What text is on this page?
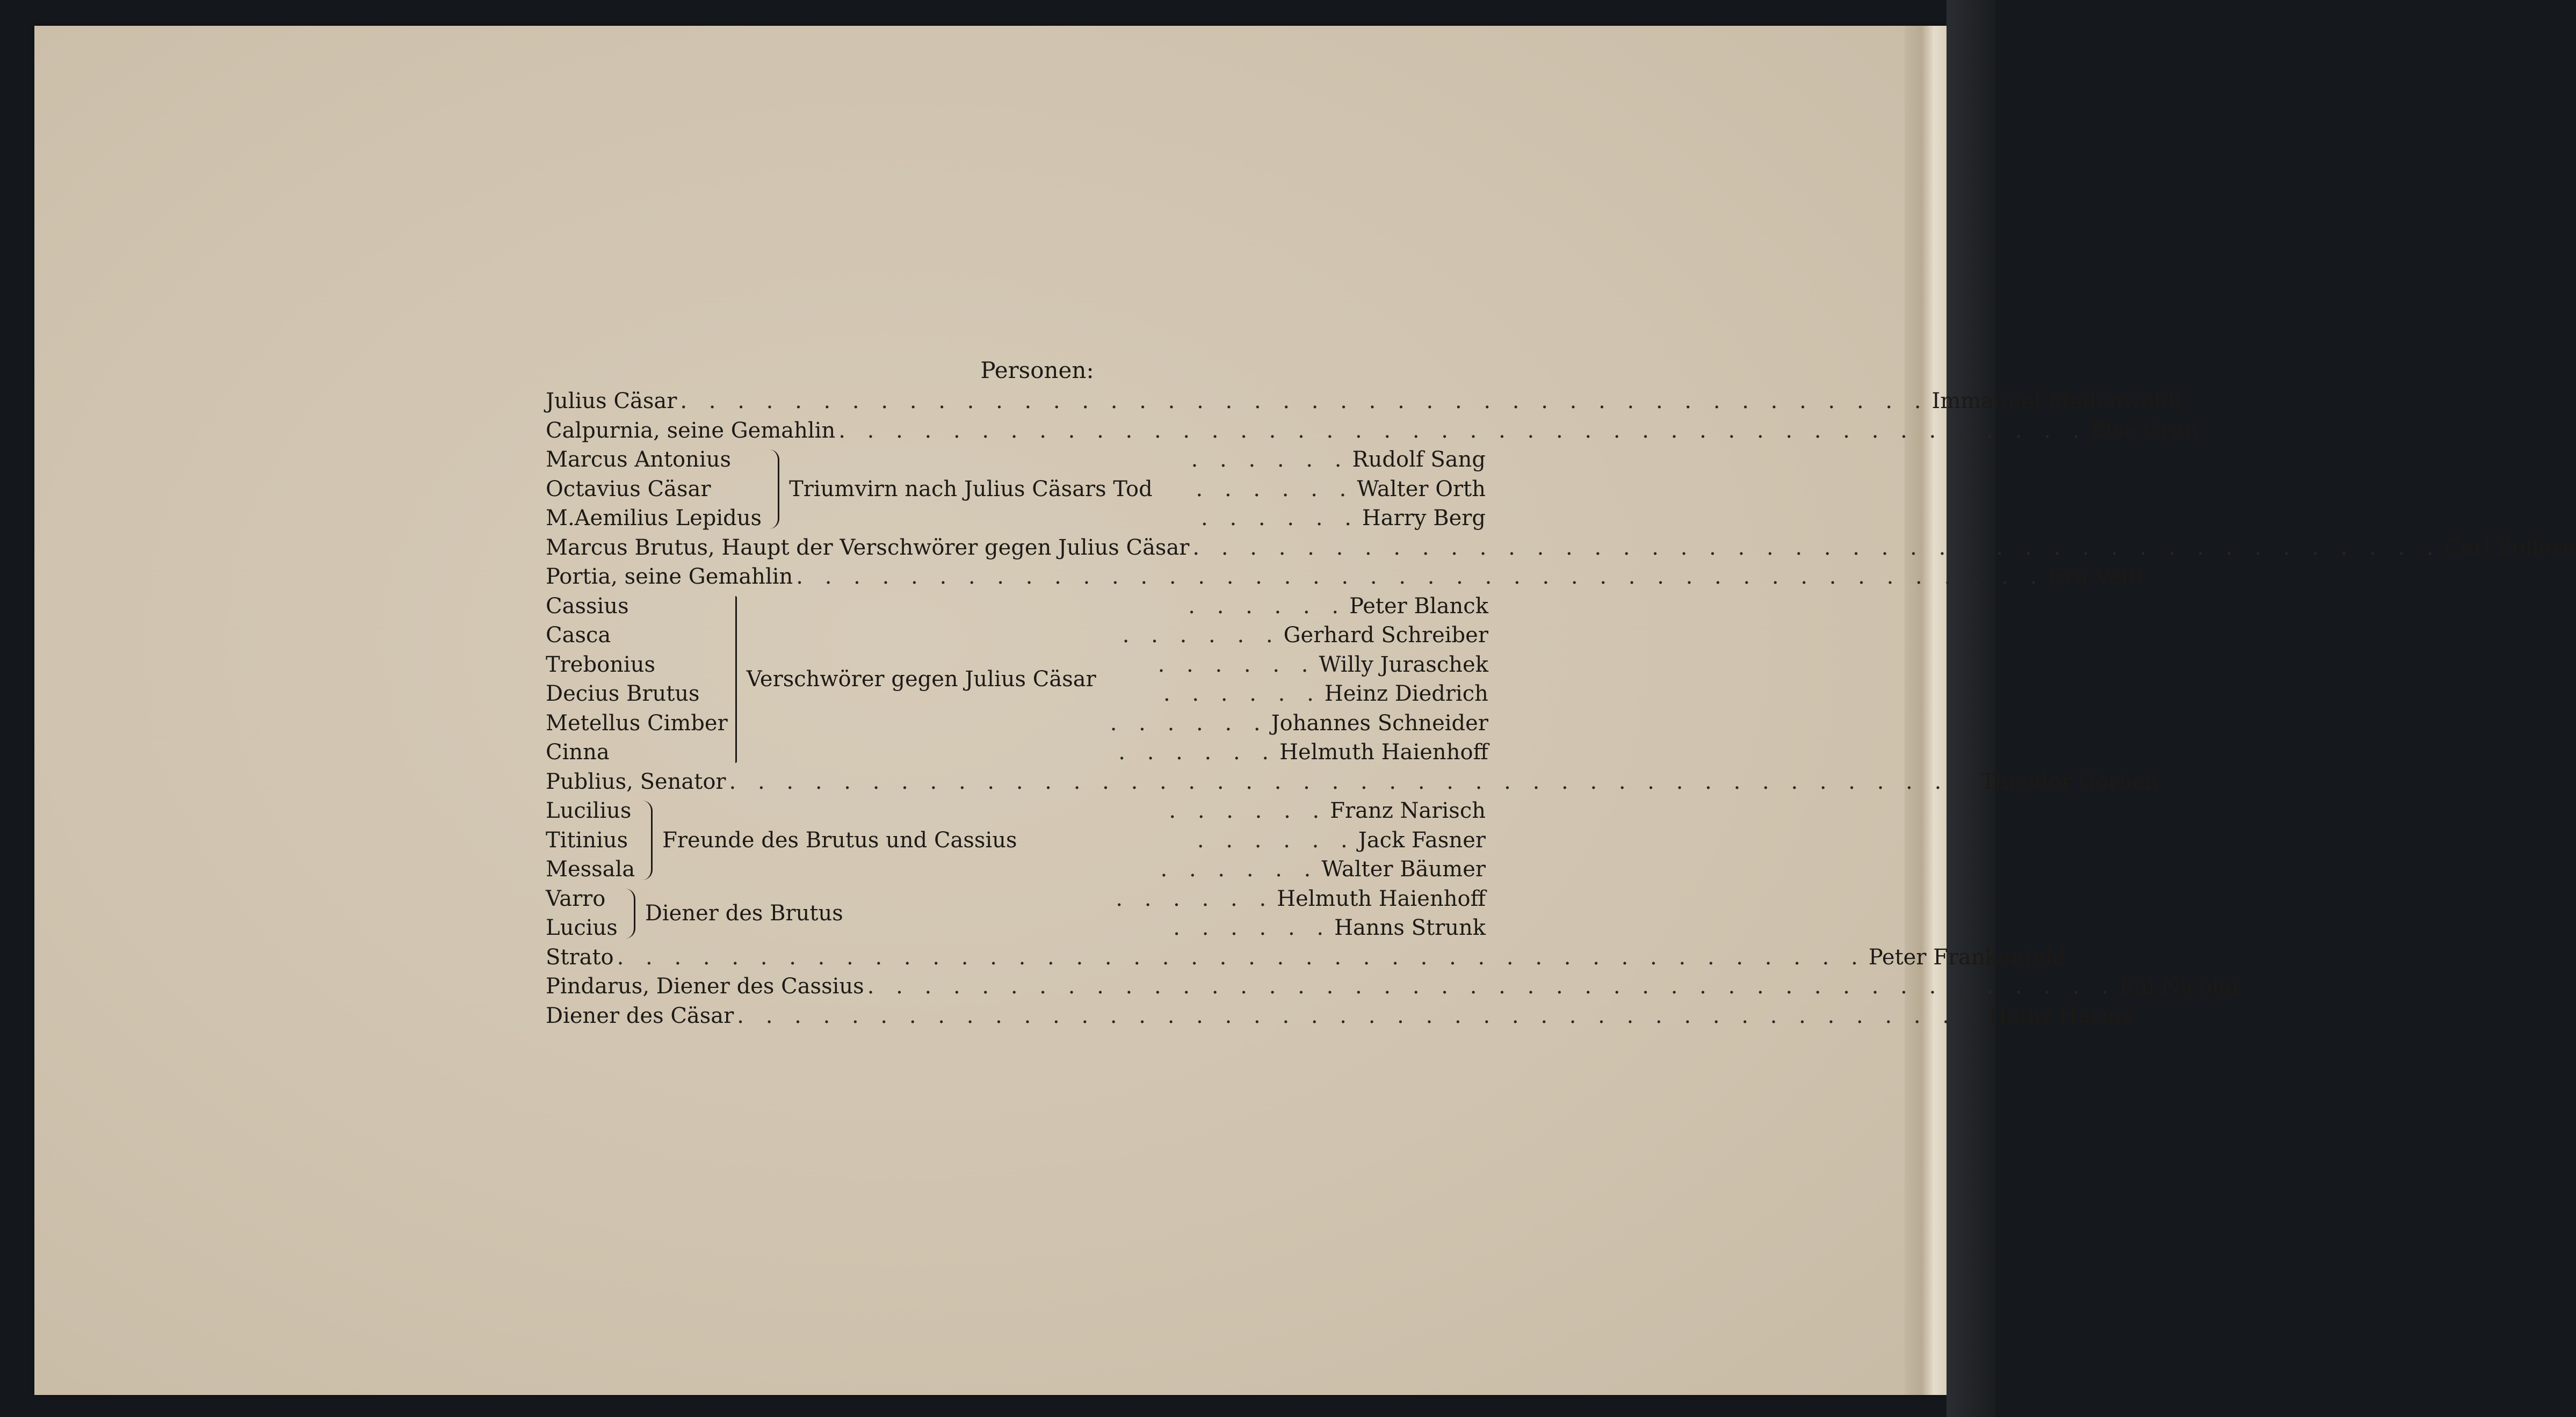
Personen:
Julius Cäsar . . . . . . . . . . . . . . . . . . . . . . . . . . . . . . . . . . . . . . . . . . . . Immanuel Medenwaldt
Calpurnia, seine Gemahlin . . . . . . . . . . . . . . . . . . . . . . . . . . . . . . . . . . . . . . . . . . . . Else Grün
Marcus Antonius
Octavius Cäsar
M.Aemilius Lepidus
Triumvirn nach Julius Cäsars Tod
. . . . . . Rudolf Sang
. . . . . . Walter Orth
. . . . . . Harry Berg
Marcus Brutus, Haupt der Verschwörer gegen Julius Cäsar . . . . . . . . . . . . . . . . . . . . . . . . . . . . . . . . . . . . . . . . . . . . Carl Zollern
Portia, seine Gemahlin . . . . . . . . . . . . . . . . . . . . . . . . . . . . . . . . . . . . . . . . . . . . Eva Vaitl
Cassius
Casca
Trebonius
Decius Brutus
Metellus Cimber
Cinna
Verschwörer gegen Julius Cäsar
. . . . . . Peter Blanck
. . . . . . Gerhard Schreiber
. . . . . . Willy Juraschek
. . . . . . Heinz Diedrich
. . . . . . Johannes Schneider
. . . . . . Helmuth Haienhoff
Publius, Senator . . . . . . . . . . . . . . . . . . . . . . . . . . . . . . . . . . . . . . . . . . . . Theodor Görlich
Lucilius
Titinius
Messala
Freunde des Brutus und Cassius
. . . . . . Franz Narisch
. . . . . . Jack Fasner
. . . . . . Walter Bäumer
Varro
Lucius
Diener des Brutus
. . . . . . Helmuth Haienhoff
. . . . . . Hanns Strunk
Strato . . . . . . . . . . . . . . . . . . . . . . . . . . . . . . . . . . . . . . . . . . . . Peter Frankenfeld
Pindarus, Diener des Cassius . . . . . . . . . . . . . . . . . . . . . . . . . . . . . . . . . . . . . . . . . . . . Kai Nicolai
Diener des Cäsar . . . . . . . . . . . . . . . . . . . . . . . . . . . . . . . . . . . . . . . . . . . . Heinz Harms
